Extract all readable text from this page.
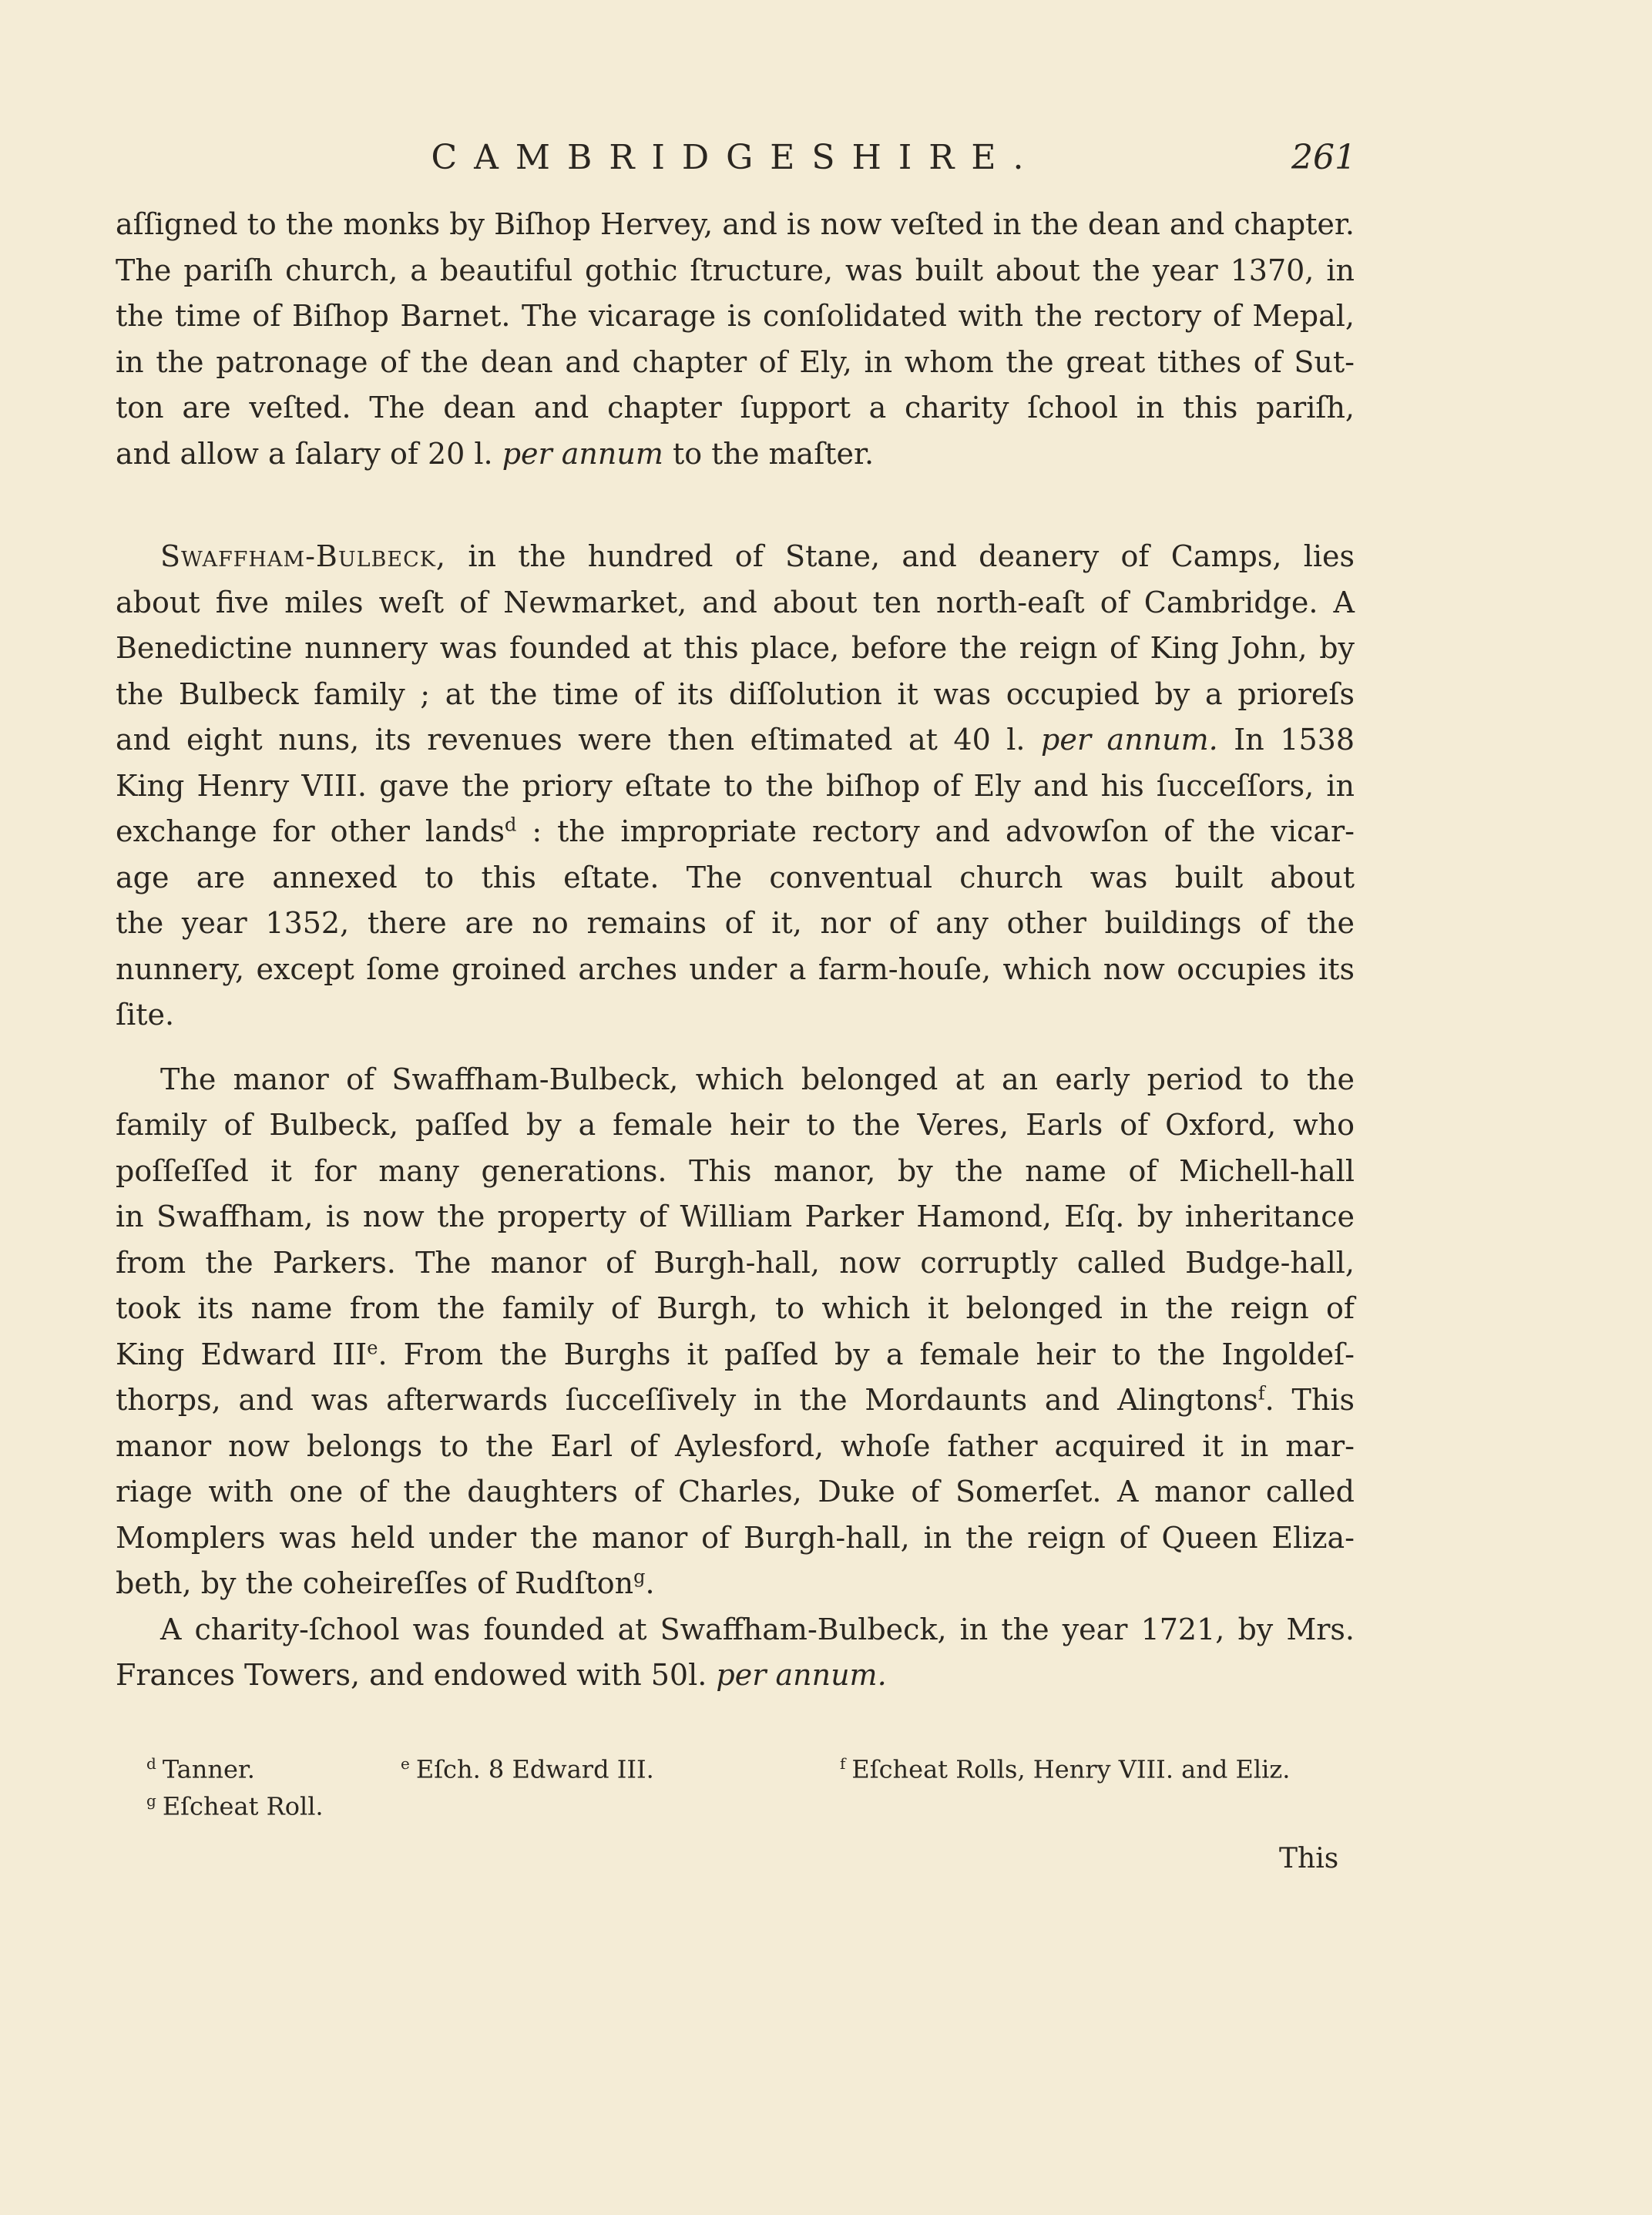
CAMBRIDGESHIRE.	261
aſſigned to the monks by Biſhop Hervey, and is now veſted in the dean and chapter.
The pariſh church, a beautiful gothic ſtructure, was built about the year 1370, in
the time of Biſhop Barnet. The vicarage is conſolidated with the rectory of Mepal,
in the patronage of the dean and chapter of Ely, in whom the great tithes of Sut-
ton are veſted. The dean and chapter ſupport a charity ſchool in this pariſh,
and allow a ſalary of 20 l. per annum to the maſter.
Swaffham-Bulbeck, in the hundred of Stane, and deanery of Camps, lies
about five miles weſt of Newmarket, and about ten north-eaſt of Cambridge. A
Benedictine nunnery was founded at this place, before the reign of King John, by
the Bulbeck family ; at the time of its diſſolution it was occupied by a prioreſs
and eight nuns, its revenues were then eſtimated at 40 l. per annum. In 1538
King Henry VIII. gave the priory eſtate to the biſhop of Ely and his ſucceſſors, in
exchange for other lands$^d$ : the impropriate rectory and advowſon of the vicar-
age are annexed to this eſtate. The conventual church was built about
the year 1352, there are no remains of it, nor of any other buildings of the
nunnery, except ſome groined arches under a farm-houſe, which now occupies its
ſite.
The manor of Swaffham-Bulbeck, which belonged at an early period to the
family of Bulbeck, paſſed by a female heir to the Veres, Earls of Oxford, who
poſſeſſed it for many generations. This manor, by the name of Michell-hall
in Swaffham, is now the property of William Parker Hamond, Eſq. by inheritance
from the Parkers. The manor of Burgh-hall, now corruptly called Budge-hall,
took its name from the family of Burgh, to which it belonged in the reign of
King Edward IIIe. From the Burghs it paſſed by a female heir to the Ingoldeſ-
thorps, and was afterwards ſucceſſively in the Mordaunts and Alingtons$^f$. This
manor now belongs to the Earl of Aylesford, whoſe father acquired it in mar-
riage with one of the daughters of Charles, Duke of Somerſet. A manor called
Momplers was held under the manor of Burgh-hall, in the reign of Queen Eliza-
beth, by the coheireſſes of Rudſton$^g$.
A charity-ſchool was founded at Swaffham-Bulbeck, in the year 1721, by Mrs.
Frances Towers, and endowed with 50l. per annum.
$^d$ Tanner.	$^e$ Eſch. 8 Edward III.	$^f$ Eſcheat Rolls, Henry VIII. and Eliz.
$^g$ Eſcheat Roll.
This
